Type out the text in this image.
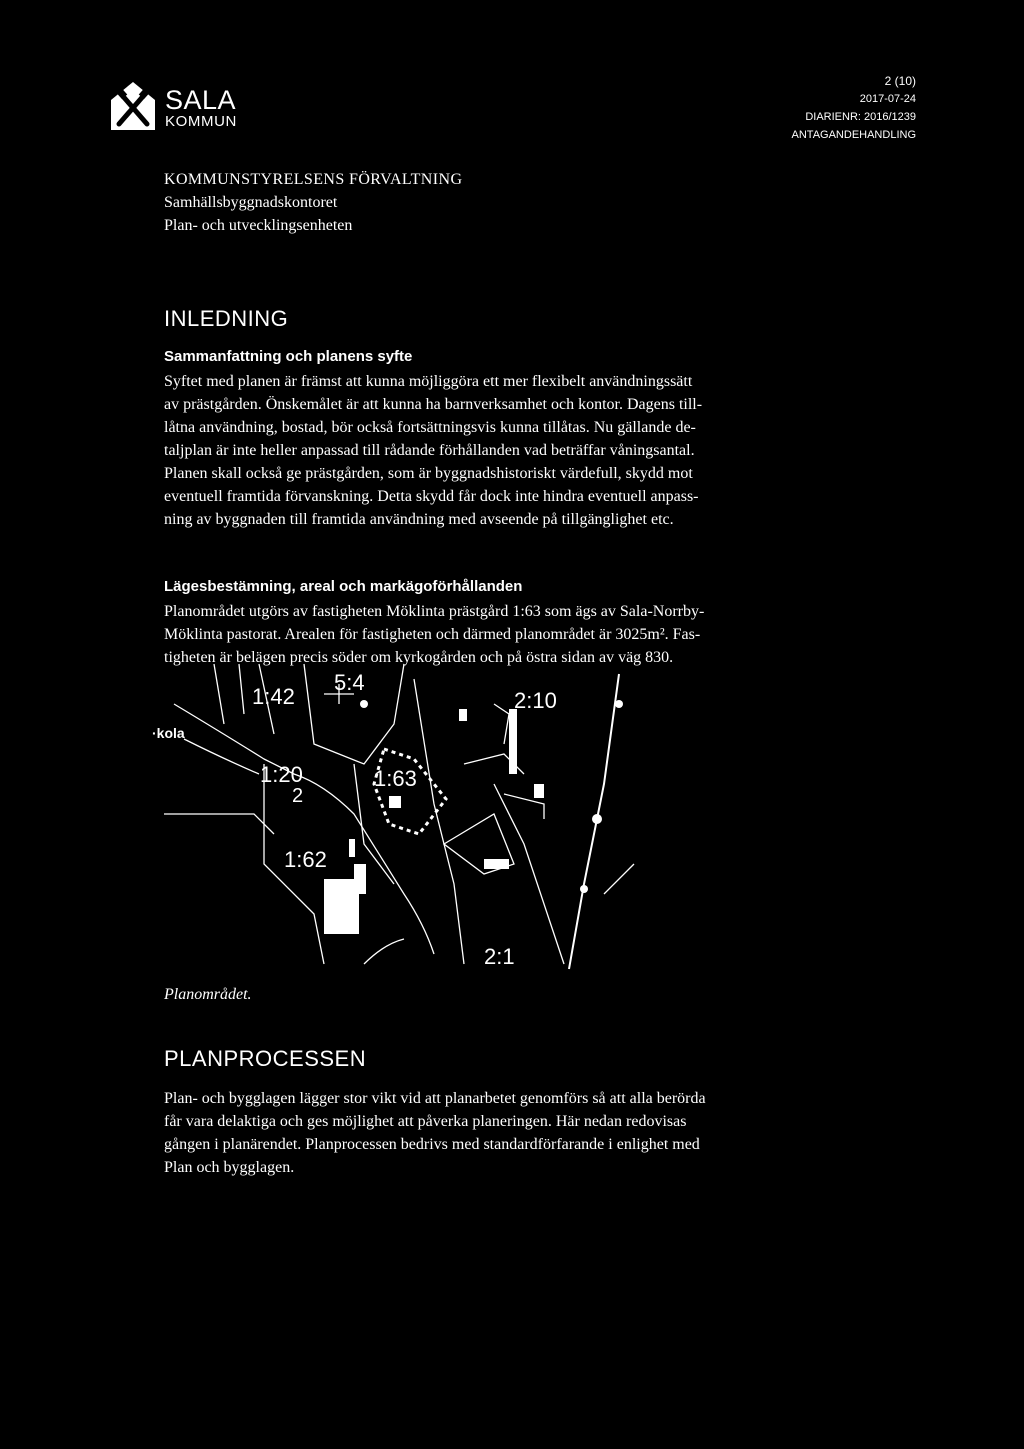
SALA
KOMMUN
2 (10)
2017-07-24
DIARIENR: 2016/1239
ANTAGANDEHANDLING
KOMMUNSTYRELSENS FÖRVALTNING
Samhällsbyggnadskontoret
Plan- och utvecklingsenheten
INLEDNING
Sammanfattning och planens syfte

Syftet med planen är främst att kunna möjliggöra ett mer flexibelt användningssätt

av prästgården. Önskemålet är att kunna ha barnverksamhet och kontor. Dagens till-

låtna användning, bostad, bör också fortsättningsvis kunna tillåtas. Nu gällande de-

taljplan är inte heller anpassad till rådande förhållanden vad beträffar våningsantal.

Planen skall också ge prästgården, som är byggnadshistoriskt värdefull, skydd mot

eventuell framtida förvanskning. Detta skydd får dock inte hindra eventuell anpass-

ning av byggnaden till framtida användning med avseende på tillgänglighet etc.

Lägesbestämning, areal och markägoförhållanden

Planområdet utgörs av fastigheten Möklinta prästgård 1:63 som ägs av Sala-Norrby-

Möklinta pastorat. Arealen för fastigheten och därmed planområdet är 3025m². Fas-

tigheten är belägen precis söder om kyrkogården och på östra sidan av väg 830.

·kola
1:42
5:4
2:10
1:20
2
1:63
1:62
2:1
Planområdet.
PLANPROCESSEN

Plan- och bygglagen lägger stor vikt vid att planarbetet genomförs så att alla berörda

får vara delaktiga och ges möjlighet att påverka planeringen. Här nedan redovisas

gången i planärendet. Planprocessen bedrivs med standardförfarande i enlighet med

Plan och bygglagen.
